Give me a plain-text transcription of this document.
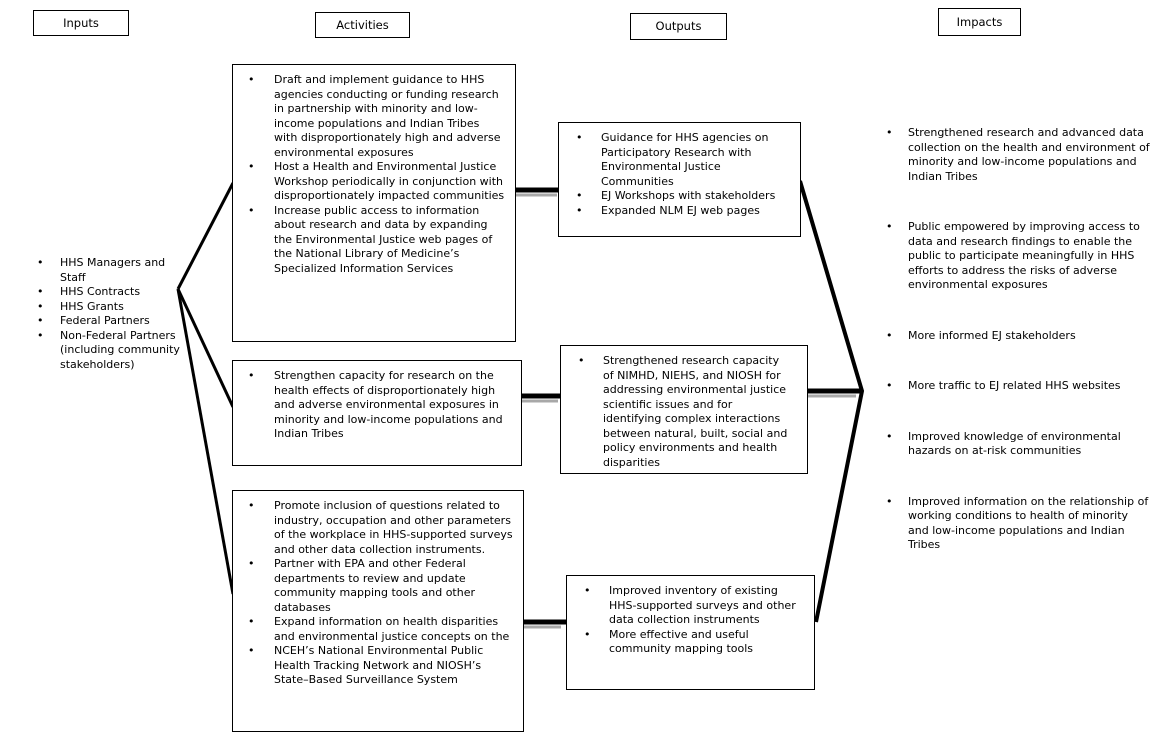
Inputs	Activities	Outputs	Impacts
• HHS Managers and Staff
• HHS Contracts
• HHS Grants
• Federal Partners
• Non-Federal Partners (including community stakeholders)
• Draft and implement guidance to HHS agencies conducting or funding research in partnership with minority and low-income populations and Indian Tribes with disproportionately high and adverse environmental exposures
• Host a Health and Environmental Justice Workshop periodically in conjunction with disproportionately impacted communities
• Increase public access to information about research and data by expanding the Environmental Justice web pages of the National Library of Medicine’s Specialized Information Services
• Strengthen capacity for research on the health effects of disproportionately high and adverse environmental exposures in minority and low-income populations and Indian Tribes
• Promote inclusion of questions related to industry, occupation and other parameters of the workplace in HHS-supported surveys and other data collection instruments.
• Partner with EPA and other Federal departments to review and update community mapping tools and other databases
• Expand information on health disparities and environmental justice concepts on the
• NCEH’s National Environmental Public Health Tracking Network and NIOSH’s State–Based Surveillance System
• Guidance for HHS agencies on Participatory Research with Environmental Justice Communities
• EJ Workshops with stakeholders
• Expanded NLM EJ web pages
• Strengthened research capacity of NIMHD, NIEHS, and NIOSH for addressing environmental justice scientific issues and for identifying complex interactions between natural, built, social and policy environments and health disparities
• Improved inventory of existing HHS-supported surveys and other data collection instruments
• More effective and useful community mapping tools
• Strengthened research and advanced data collection on the health and environment of minority and low-income populations and Indian Tribes
• Public empowered by improving access to data and research findings to enable the public to participate meaningfully in HHS efforts to address the risks of adverse environmental exposures
• More informed EJ stakeholders
• More traffic to EJ related HHS websites
• Improved knowledge of environmental hazards on at-risk communities
• Improved information on the relationship of working conditions to health of minority and low-income populations and Indian Tribes
